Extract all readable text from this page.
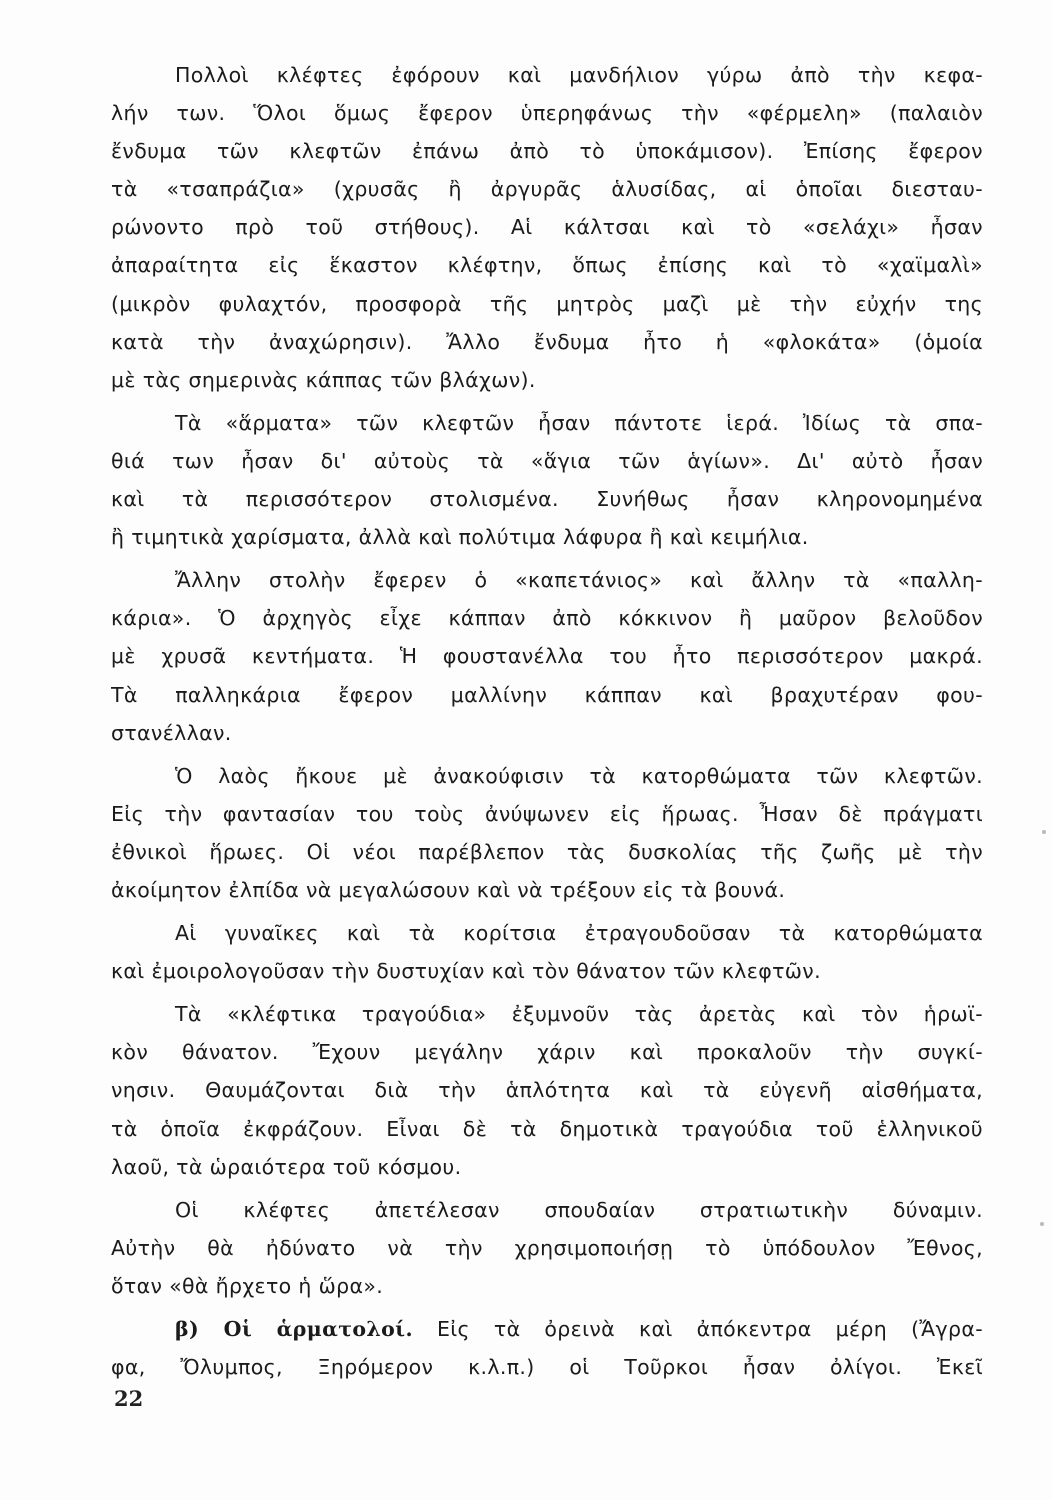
Πολλοὶ κλέφτες ἐφόρουν καὶ μανδήλιον γύρω ἀπὸ τὴν κεφα-
λήν των. Ὅλοι ὅμως ἔφερον ὑπερηφάνως τὴν «φέρμελη» (παλαιὸν
ἔνδυμα τῶν κλεφτῶν ἐπάνω ἀπὸ τὸ ὑποκάμισον). Ἐπίσης ἔφερον
τὰ «τσαπράζια» (χρυσᾶς ἢ ἀργυρᾶς ἁλυσίδας, αἱ ὁποῖαι διεσταυ-
ρώνοντο πρὸ τοῦ στήθους). Αἱ κάλτσαι καὶ τὸ «σελάχι» ἦσαν
ἀπαραίτητα εἰς ἕκαστον κλέφτην, ὅπως ἐπίσης καὶ τὸ «χαϊμαλὶ»
(μικρὸν φυλαχτόν, προσφορὰ τῆς μητρὸς μαζὶ μὲ τὴν εὐχήν της
κατὰ τὴν ἀναχώρησιν). Ἄλλο ἔνδυμα ἦτο ἡ «φλοκάτα» (ὁμοία
μὲ τὰς σημερινὰς κάππας τῶν βλάχων).
Τὰ «ἅρματα» τῶν κλεφτῶν ἦσαν πάντοτε ἱερά. Ἰδίως τὰ σπα-
θιά των ἦσαν δι' αὐτοὺς τὰ «ἅγια τῶν ἁγίων». Δι' αὐτὸ ἦσαν
καὶ τὰ περισσότερον στολισμένα. Συνήθως ἦσαν κληρονομημένα
ἢ τιμητικὰ χαρίσματα, ἀλλὰ καὶ πολύτιμα λάφυρα ἢ καὶ κειμήλια.
Ἄλλην στολὴν ἔφερεν ὁ «καπετάνιος» καὶ ἄλλην τὰ «παλλη-
κάρια». Ὁ ἀρχηγὸς εἶχε κάππαν ἀπὸ κόκκινον ἢ μαῦρον βελοῦδον
μὲ χρυσᾶ κεντήματα. Ἡ φουστανέλλα του ἦτο περισσότερον μακρά.
Τὰ παλληκάρια ἔφερον μαλλίνην κάππαν καὶ βραχυτέραν φου-
στανέλλαν.
Ὁ λαὸς ἤκουε μὲ ἀνακούφισιν τὰ κατορθώματα τῶν κλεφτῶν.
Εἰς τὴν φαντασίαν του τοὺς ἀνύψωνεν εἰς ἥρωας. Ἦσαν δὲ πράγματι
ἐθνικοὶ ἥρωες. Οἱ νέοι παρέβλεπον τὰς δυσκολίας τῆς ζωῆς μὲ τὴν
ἀκοίμητον ἐλπίδα νὰ μεγαλώσουν καὶ νὰ τρέξουν εἰς τὰ βουνά.
Αἱ γυναῖκες καὶ τὰ κορίτσια ἐτραγουδοῦσαν τὰ κατορθώματα
καὶ ἐμοιρολογοῦσαν τὴν δυστυχίαν καὶ τὸν θάνατον τῶν κλεφτῶν.
Τὰ «κλέφτικα τραγούδια» ἐξυμνοῦν τὰς ἀρετὰς καὶ τὸν ἡρωϊ-
κὸν θάνατον. Ἔχουν μεγάλην χάριν καὶ προκαλοῦν τὴν συγκί-
νησιν. Θαυμάζονται διὰ τὴν ἁπλότητα καὶ τὰ εὐγενῆ αἰσθήματα,
τὰ ὁποῖα ἐκφράζουν. Εἶναι δὲ τὰ δημοτικὰ τραγούδια τοῦ ἑλληνικοῦ
λαοῦ, τὰ ὡραιότερα τοῦ κόσμου.
Οἱ κλέφτες ἀπετέλεσαν σπουδαίαν στρατιωτικὴν δύναμιν.
Αὐτὴν θὰ ἠδύνατο νὰ τὴν χρησιμοποιήσῃ τὸ ὑπόδουλον Ἔθνος,
ὅταν «θὰ ἤρχετο ἡ ὥρα».
β) Οἱ ἁρματολοί. Εἰς τὰ ὀρεινὰ καὶ ἀπόκεντρα μέρη (Ἄγρα-
φα, Ὄλυμπος, Ξηρόμερον κ.λ.π.) οἱ Τοῦρκοι ἦσαν ὀλίγοι. Ἐκεῖ
22
